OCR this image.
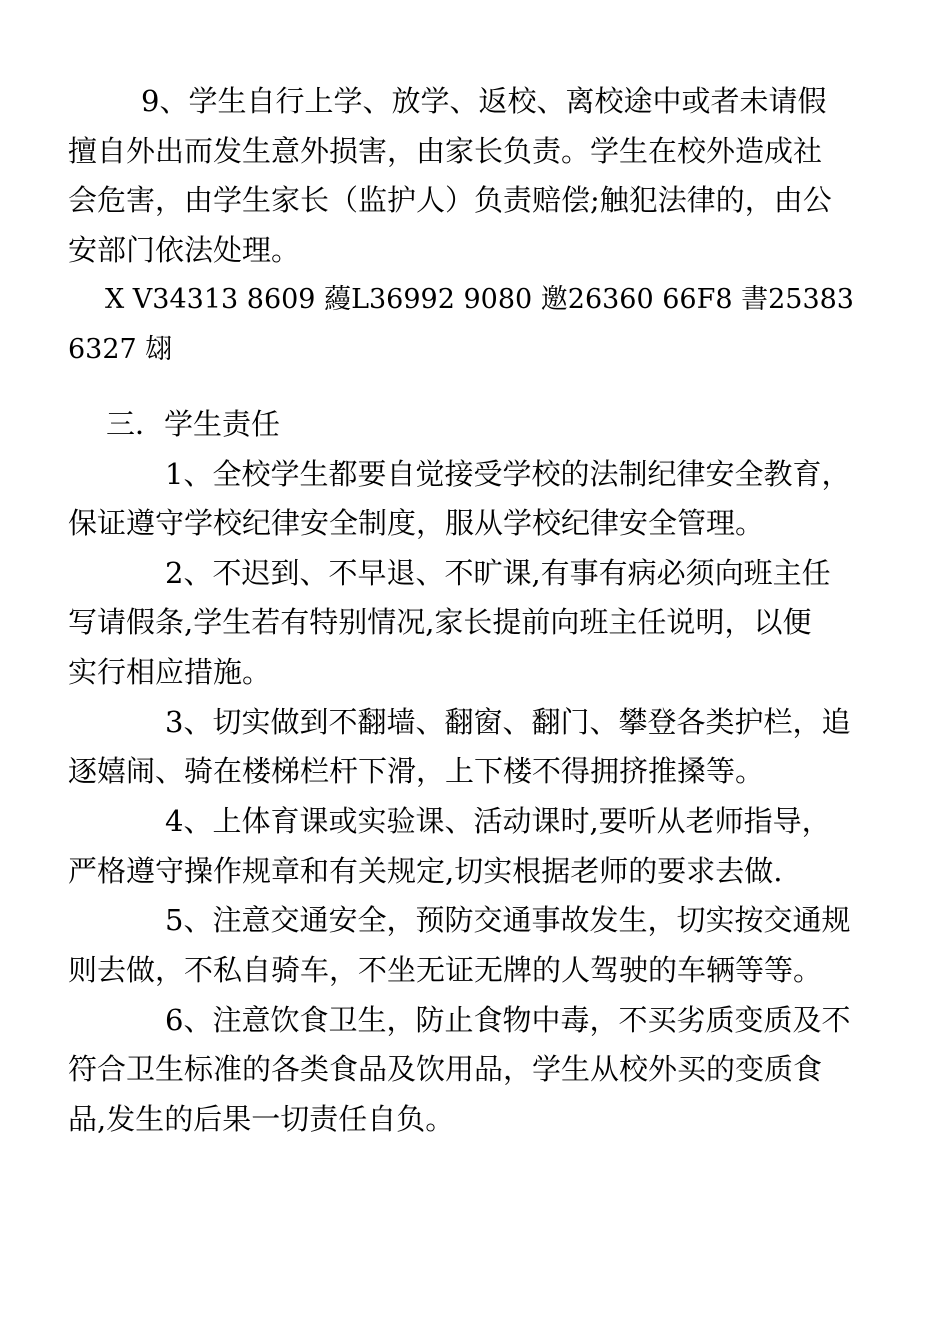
9、学生自行上学、放学、返校、离校途中或者未请假
擅自外出而发生意外损害，由家长负责。学生在校外造成社
会危害，由学生家长（监护人）负责赔偿;触犯法律的，由公
安部门依法处理。
X V34313 8609 蘰L36992 9080 邀26360 66F8 書25383
6327 翃
三．学生责任
1、全校学生都要自觉接受学校的法制纪律安全教育，
保证遵守学校纪律安全制度，服从学校纪律安全管理。
2、不迟到、不早退、不旷课,有事有病必须向班主任
写请假条,学生若有特别情况,家长提前向班主任说明，以便
实行相应措施。
3、切实做到不翻墙、翻窗、翻门、攀登各类护栏，追
逐嬉闹、骑在楼梯栏杆下滑，上下楼不得拥挤推搡等。
4、上体育课或实验课、活动课时,要听从老师指导，
严格遵守操作规章和有关规定,切实根据老师的要求去做.
5、注意交通安全，预防交通事故发生，切实按交通规
则去做，不私自骑车，不坐无证无牌的人驾驶的车辆等等。
6、注意饮食卫生，防止食物中毒，不买劣质变质及不
符合卫生标准的各类食品及饮用品，学生从校外买的变质食
品,发生的后果一切责任自负。
